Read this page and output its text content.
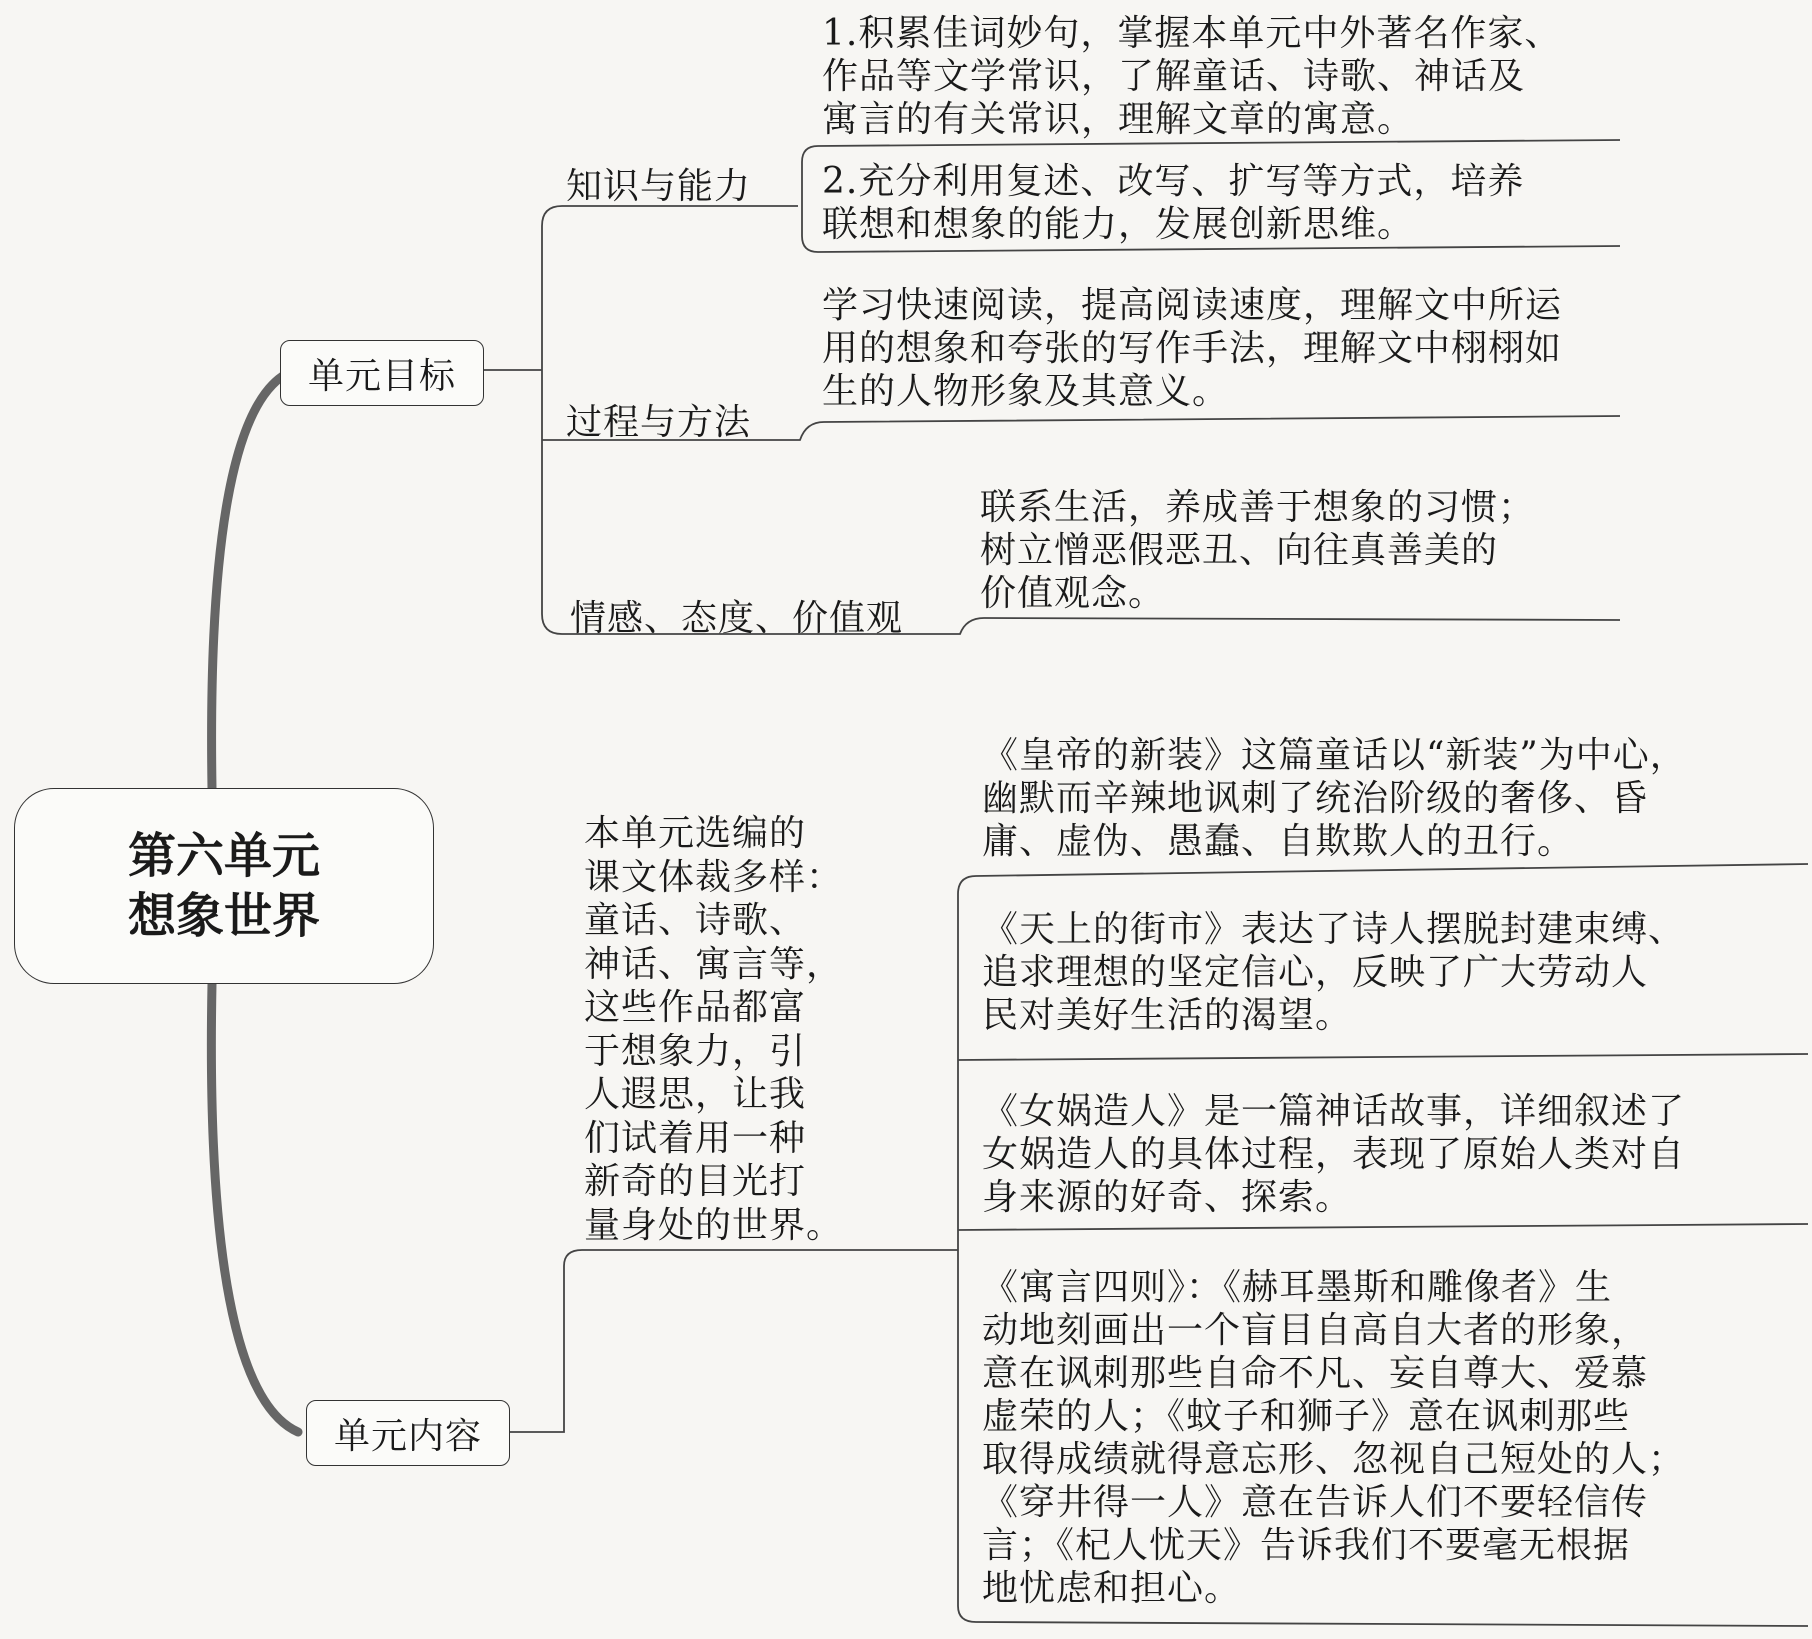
第六单元
想象世界
单元目标
单元内容
知识与能力
过程与方法
情感、态度、价值观
1.积累佳词妙句，掌握本单元中外著名作家、
作品等文学常识，了解童话、诗歌、神话及
寓言的有关常识，理解文章的寓意。
2.充分利用复述、改写、扩写等方式，培养
联想和想象的能力，发展创新思维。
学习快速阅读，提高阅读速度，理解文中所运
用的想象和夸张的写作手法，理解文中栩栩如
生的人物形象及其意义。
联系生活，养成善于想象的习惯；
树立憎恶假恶丑、向往真善美的
价值观念。
本单元选编的
课文体裁多样：
童话、诗歌、
神话、寓言等，
这些作品都富
于想象力，引
人遐思，让我
们试着用一种
新奇的目光打
量身处的世界。
《皇帝的新装》这篇童话以“新装”为中心，
幽默而辛辣地讽刺了统治阶级的奢侈、昏
庸、虚伪、愚蠢、自欺欺人的丑行。
《天上的街市》表达了诗人摆脱封建束缚、
追求理想的坚定信心，反映了广大劳动人
民对美好生活的渴望。
《女娲造人》是一篇神话故事，详细叙述了
女娲造人的具体过程，表现了原始人类对自
身来源的好奇、探索。
《寓言四则》：《赫耳墨斯和雕像者》生
动地刻画出一个盲目自高自大者的形象，
意在讽刺那些自命不凡、妄自尊大、爱慕
虚荣的人；《蚊子和狮子》意在讽刺那些
取得成绩就得意忘形、忽视自己短处的人；
《穿井得一人》意在告诉人们不要轻信传
言；《杞人忧天》告诉我们不要毫无根据
地忧虑和担心。
